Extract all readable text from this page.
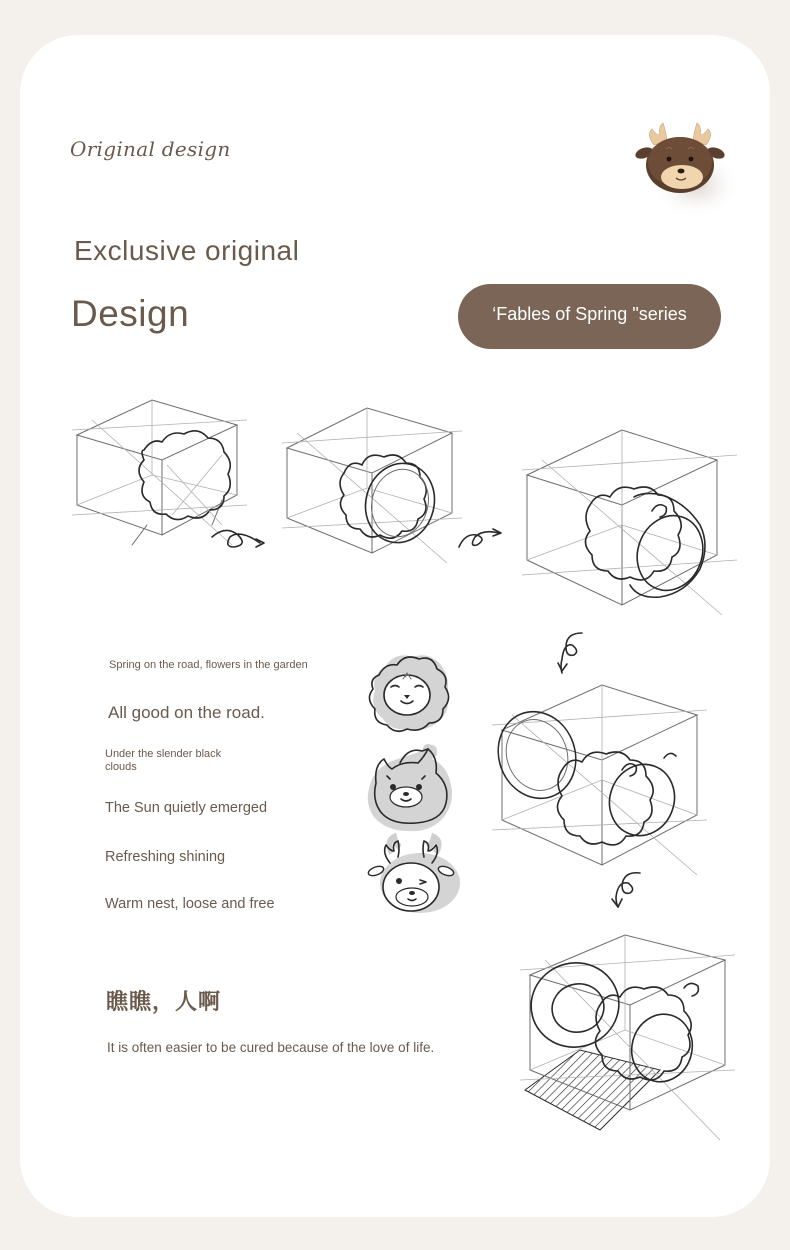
Original design
Exclusive original
Design	‘Fables of Spring "series

Spring on the road, flowers in the garden

All good on the road.

Under the slender black

clouds

The Sun quietly emerged

Refreshing shining

Warm nest, loose and free

瞧瞧，人啊
It is often easier to be cured because of the love of life.
